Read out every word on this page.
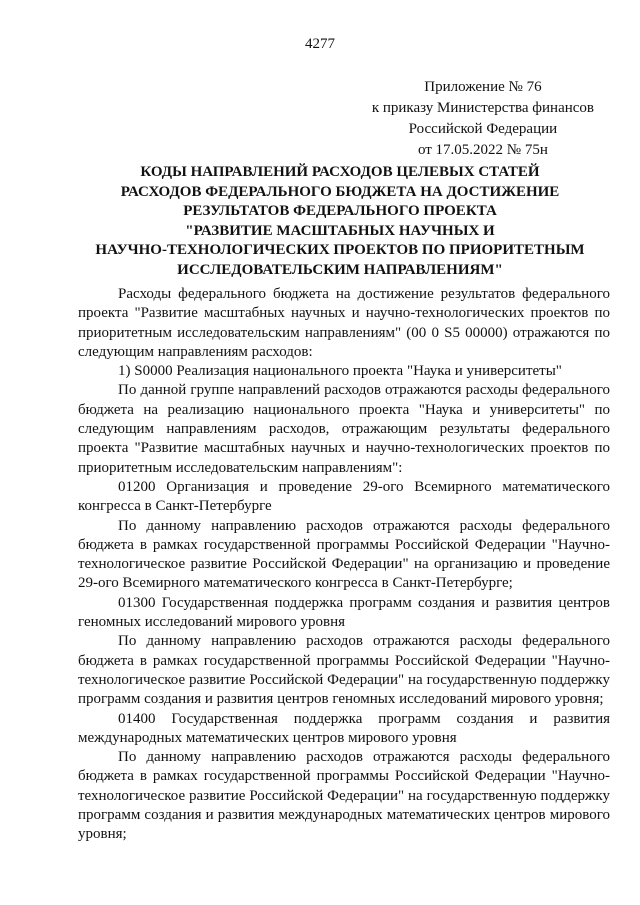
4277
Приложение № 76
к приказу Министерства финансов
Российской Федерации
от 17.05.2022 № 75н
КОДЫ НАПРАВЛЕНИЙ РАСХОДОВ ЦЕЛЕВЫХ СТАТЕЙ
РАСХОДОВ ФЕДЕРАЛЬНОГО БЮДЖЕТА НА ДОСТИЖЕНИЕ
РЕЗУЛЬТАТОВ ФЕДЕРАЛЬНОГО ПРОЕКТА
"РАЗВИТИЕ МАСШТАБНЫХ НАУЧНЫХ И
НАУЧНО-ТЕХНОЛОГИЧЕСКИХ ПРОЕКТОВ ПО ПРИОРИТЕТНЫМ
ИССЛЕДОВАТЕЛЬСКИМ НАПРАВЛЕНИЯМ"

Расходы федерального бюджета на достижение результатов федерального проекта "Развитие масштабных научных и научно-технологических проектов по приоритетным исследовательским направлениям" (00 0 S5 00000) отражаются по следующим направлениям расходов:

1) S0000 Реализация национального проекта "Наука и университеты"

По данной группе направлений расходов отражаются расходы федерального бюджета на реализацию национального проекта "Наука и университеты" по следующим направлениям расходов, отражающим результаты федерального проекта "Развитие масштабных научных и научно-технологических проектов по приоритетным исследовательским направлениям":

01200 Организация и проведение 29-ого Всемирного математического конгресса в Санкт-Петербурге

По данному направлению расходов отражаются расходы федерального бюджета в рамках государственной программы Российской Федерации "Научно-технологическое развитие Российской Федерации" на организацию и проведение 29-ого Всемирного математического конгресса в Санкт-Петербурге;

01300 Государственная поддержка программ создания и развития центров геномных исследований мирового уровня

По данному направлению расходов отражаются расходы федерального бюджета в рамках государственной программы Российской Федерации "Научно-технологическое развитие Российской Федерации" на государственную поддержку программ создания и развития центров геномных исследований мирового уровня;

01400 Государственная поддержка программ создания и развития международных математических центров мирового уровня

По данному направлению расходов отражаются расходы федерального бюджета в рамках государственной программы Российской Федерации "Научно-технологическое развитие Российской Федерации" на государственную поддержку программ создания и развития международных математических центров мирового уровня;
